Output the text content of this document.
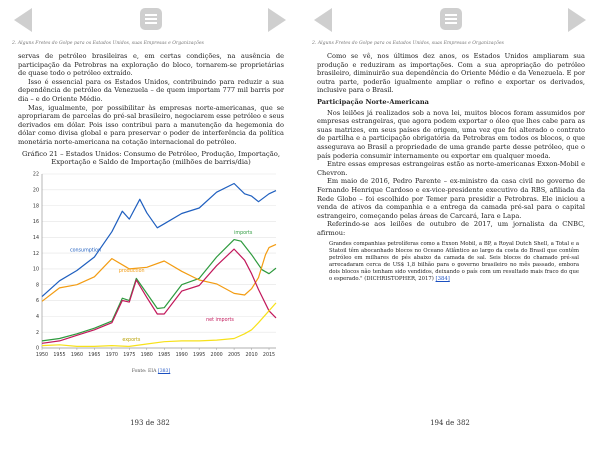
2. Alguns Fretes do Golpe para os Estados Unidos, suas Empresas e Organizações

servas de petróleo brasileiras e, em certas condições, na ausência de participação da Petrobras na exploração do bloco, tornarem-se proprietárias de quase todo o petróleo extraído.

Isso é essencial para os Estados Unidos, contribuindo para reduzir a sua dependência de petróleo da Venezuela – de quem importam 777 mil barris por dia – e do Oriente Médio.

Mas, igualmente, por possibilitar às empresas norte-americanas, que se apropriaram de parcelas do pré-sal brasileiro, negociarem esse petróleo e seus derivados em dólar. Pois isso contribui para a manutenção da hegemonia do dólar como divisa global e para preservar o poder de interferência da política monetária norte-americana na cotação internacional do petróleo.

Gráfico 21 – Estados Unidos: Consumo de Petróleo, Produção, Importação, Exportação e Saldo de Importação (milhões de barris/dia)
0
2
4
6
8
10
12
14
16
18
20
22
1950 1955 1960 1965 1970 1975 1980 1985 1990 1995 2000 2005 2010 2015
consumption
imports
production
net imports
exports
Fonte: EIA [383]
193 de 382
2. Alguns Fretes do Golpe para os Estados Unidos, suas Empresas e Organizações

Como se vê, nos últimos dez anos, os Estados Unidos ampliaram sua produção e reduziram as importações. Com a sua apropriação do petróleo brasileiro, diminuirão sua dependência do Oriente Médio e da Venezuela. E por outra parte, poderão igualmente ampliar o refino e exportar os derivados, inclusive para o Brasil.

Participação Norte-Americana

Nos leilões já realizados sob a nova lei, muitos blocos foram assumidos por empresas estrangeiras, que agora podem exportar o óleo que lhes cabe para as suas matrizes, em seus países de origem, uma vez que foi alterado o contrato de partilha e a participação obrigatória da Petrobras em todos os blocos, o que assegurava ao Brasil a propriedade de uma grande parte desse petróleo, que o país poderia consumir internamente ou exportar em qualquer moeda.

Entre essas empresas estrangeiras estão as norte-americanas Exxon-Mobil e Chevron.

Em maio de 2016, Pedro Parente – ex-ministro da casa civil no governo de Fernando Henrique Cardoso e ex-vice-presidente executivo da RBS, afiliada da Rede Globo – foi escolhido por Temer para presidir a Petrobras. Ele iniciou a venda de ativos da companhia e a entrega da camada pré-sal para o capital estrangeiro, começando pelas áreas de Carcará, Iara e Lapa.

Referindo-se aos leilões de outubro de 2017, um jornalista da CNBC, afirmou:

Grandes companhias petrolíferas como a Exxon Mobil, a BP, a Royal Dutch Shell, a Total e a Statoil têm abocanhado blocos no Oceano Atlântico ao largo da costa do Brasil que contêm petróleo em milhares de pés abaixo da camada de sal. Seis blocos do chamado pré-sal arrecadaram cerca de US$ 1,8 bilhão para o governo brasileiro no mês passado, embora dois blocos não tenham sido vendidos, deixando o país com um resultado mais fraco do que o esperado." (DICHRISTOPHER, 2017) [384]
194 de 382
